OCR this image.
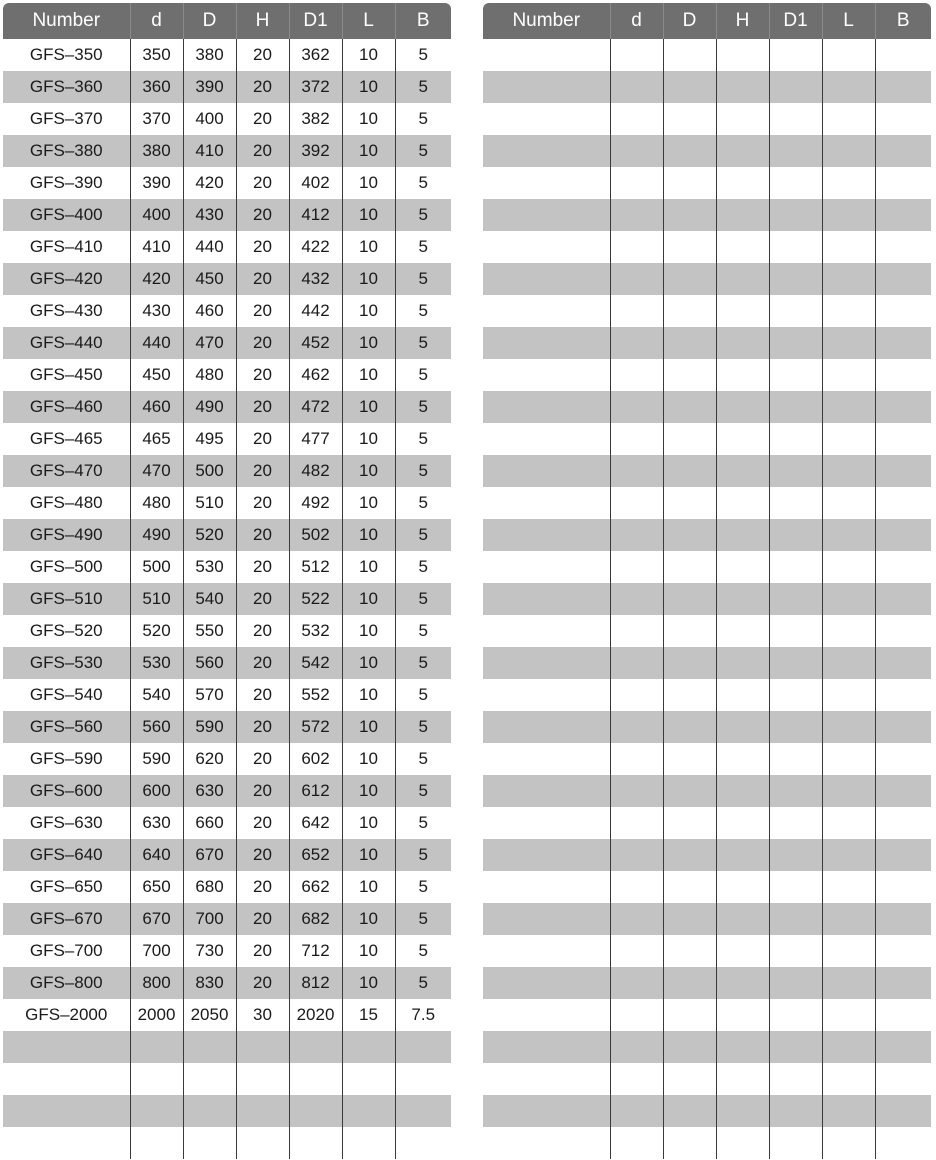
Number	d	D	H	D1	L	B
GFS–350	350	380	20	362	10	5
GFS–360	360	390	20	372	10	5
GFS–370	370	400	20	382	10	5
GFS–380	380	410	20	392	10	5
GFS–390	390	420	20	402	10	5
GFS–400	400	430	20	412	10	5
GFS–410	410	440	20	422	10	5
GFS–420	420	450	20	432	10	5
GFS–430	430	460	20	442	10	5
GFS–440	440	470	20	452	10	5
GFS–450	450	480	20	462	10	5
GFS–460	460	490	20	472	10	5
GFS–465	465	495	20	477	10	5
GFS–470	470	500	20	482	10	5
GFS–480	480	510	20	492	10	5
GFS–490	490	520	20	502	10	5
GFS–500	500	530	20	512	10	5
GFS–510	510	540	20	522	10	5
GFS–520	520	550	20	532	10	5
GFS–530	530	560	20	542	10	5
GFS–540	540	570	20	552	10	5
GFS–560	560	590	20	572	10	5
GFS–590	590	620	20	602	10	5
GFS–600	600	630	20	612	10	5
GFS–630	630	660	20	642	10	5
GFS–640	640	670	20	652	10	5
GFS–650	650	680	20	662	10	5
GFS–670	670	700	20	682	10	5
GFS–700	700	730	20	712	10	5
GFS–800	800	830	20	812	10	5
GFS–2000	2000	2050	30	2020	15	7.5

Number	d	D	H	D1	L	B
